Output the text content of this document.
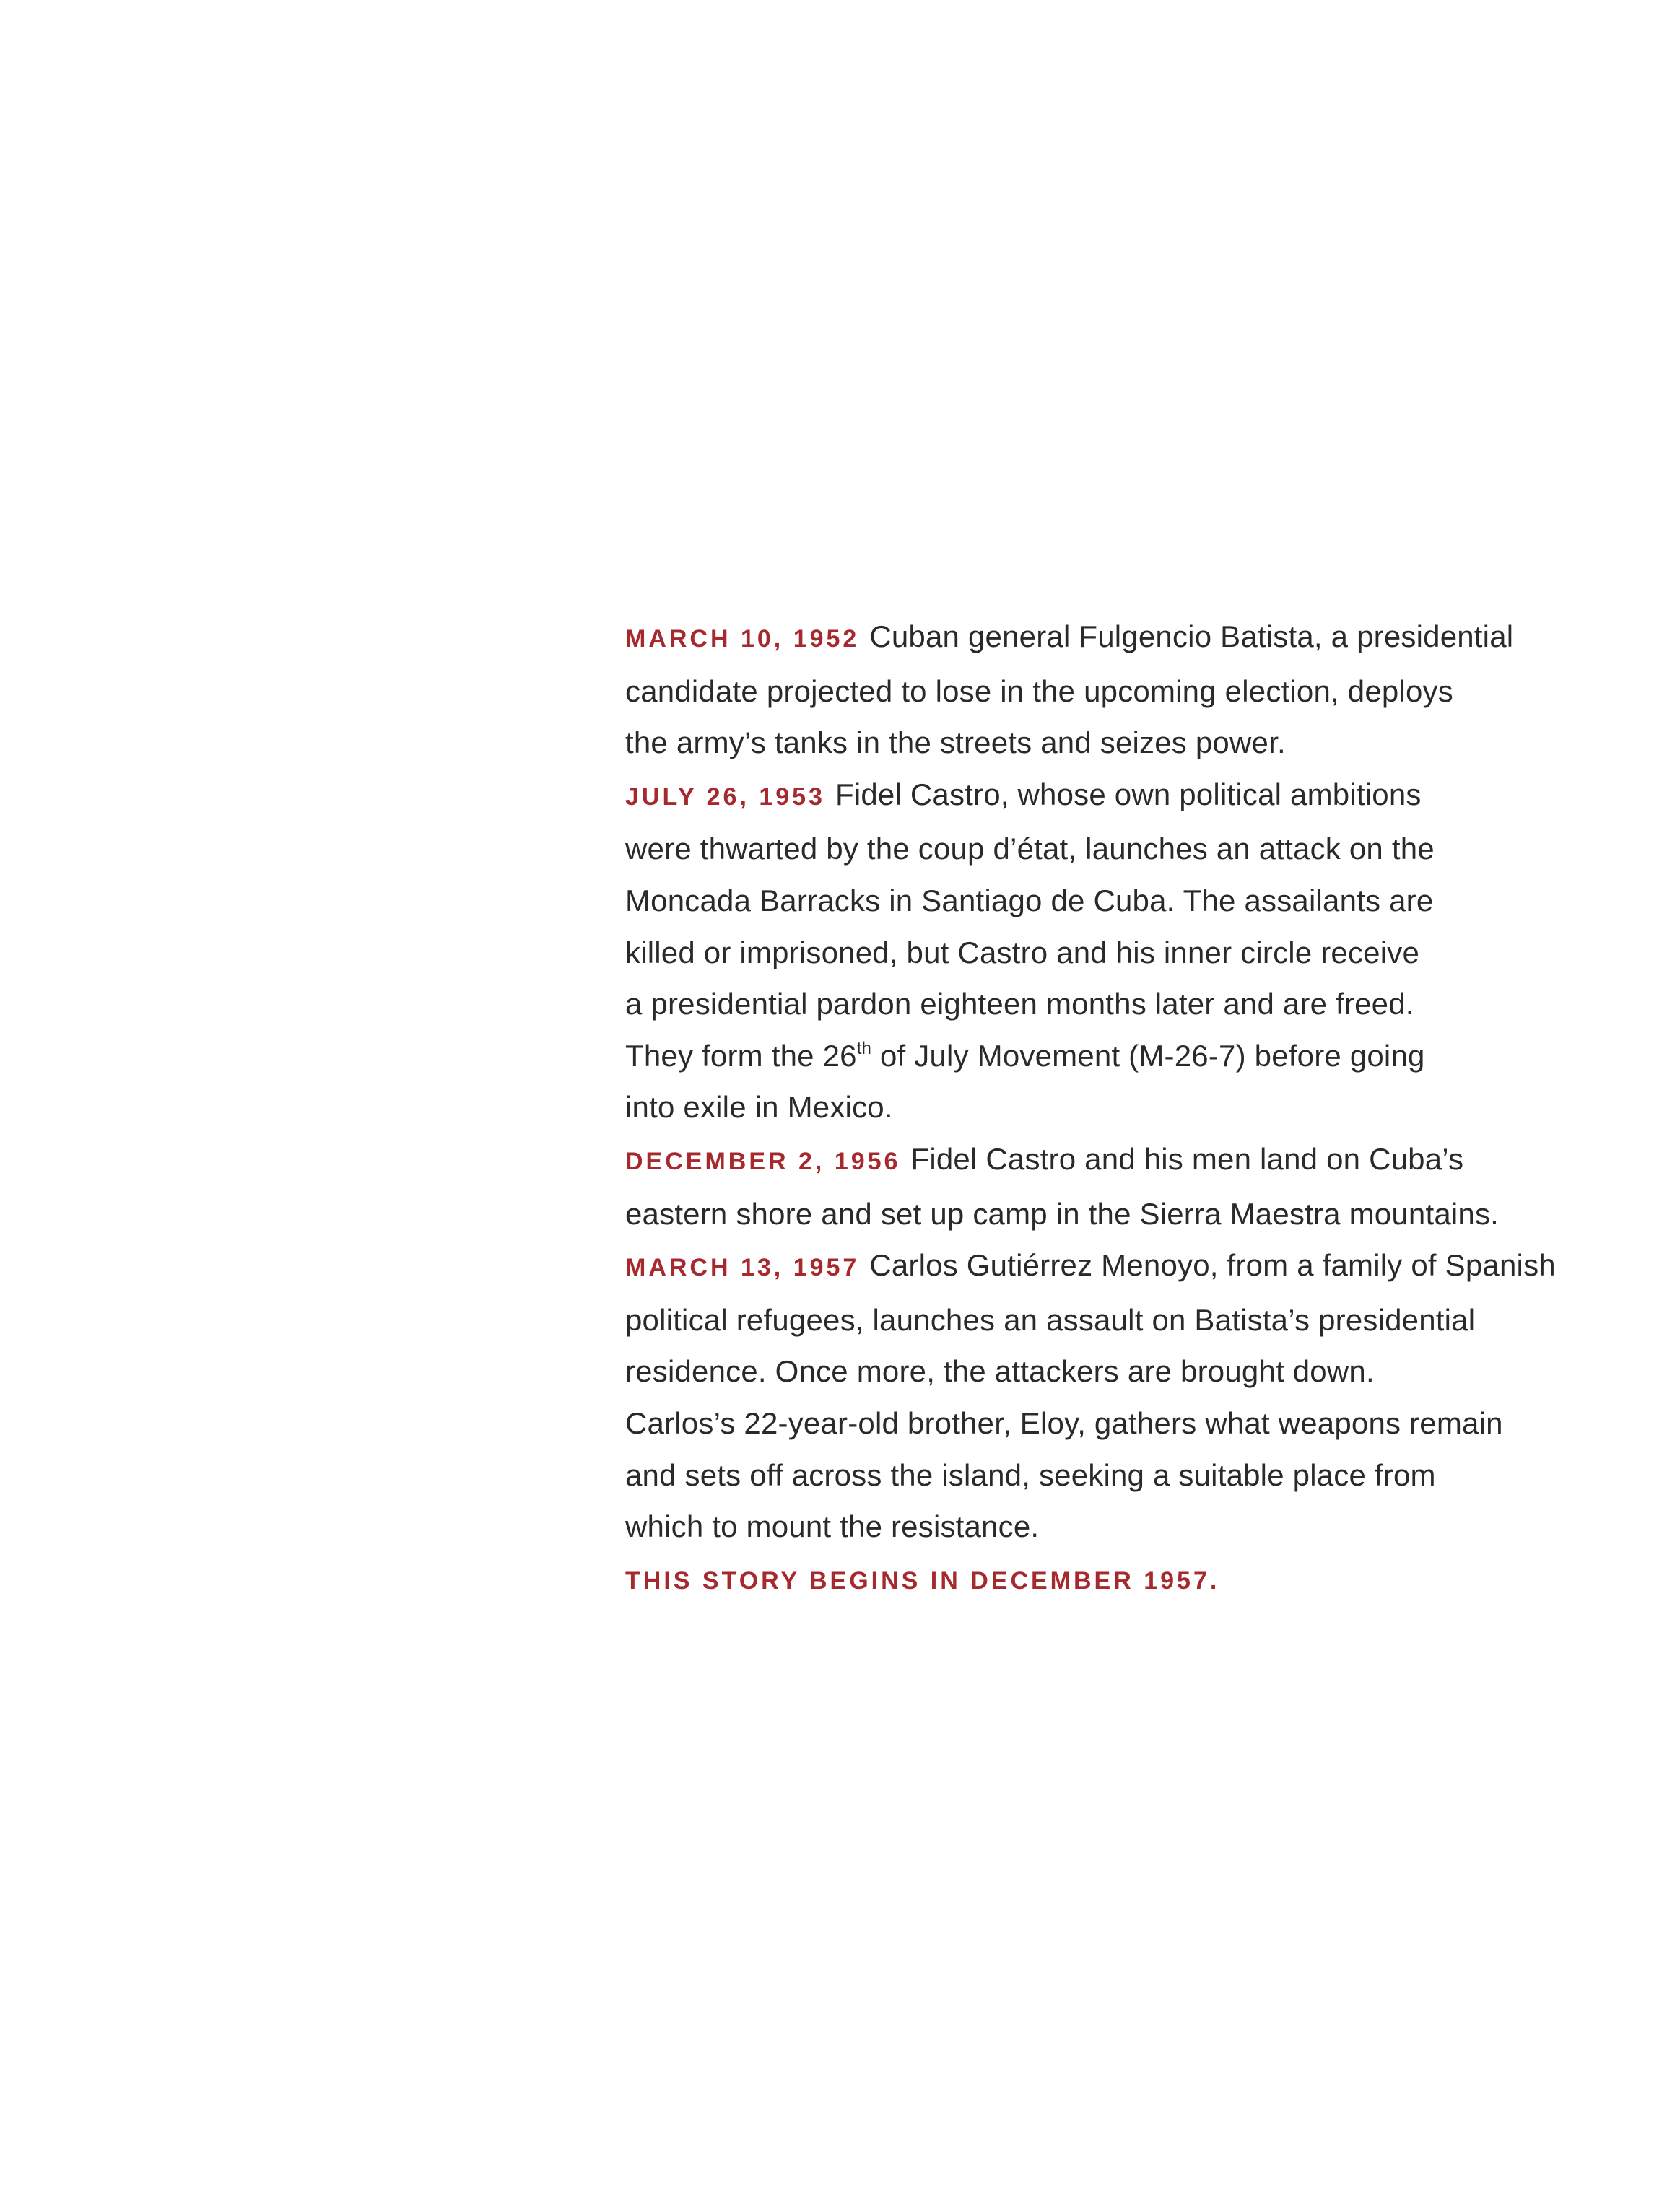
MARCH 10, 1952 Cuban general Fulgencio Batista, a presidential
candidate projected to lose in the upcoming election, deploys
the army’s tanks in the streets and seizes power.
JULY 26, 1953 Fidel Castro, whose own political ambitions
were thwarted by the coup d’état, launches an attack on the
Moncada Barracks in Santiago de Cuba. The assailants are
killed or imprisoned, but Castro and his inner circle receive
a presidential pardon eighteen months later and are freed.
They form the 26th of July Movement (M-26-7) before going
into exile in Mexico.
DECEMBER 2, 1956 Fidel Castro and his men land on Cuba’s
eastern shore and set up camp in the Sierra Maestra mountains.
MARCH 13, 1957 Carlos Gutiérrez Menoyo, from a family of Spanish
political refugees, launches an assault on Batista’s presidential
residence. Once more, the attackers are brought down.
Carlos’s 22-year-old brother, Eloy, gathers what weapons remain
and sets off across the island, seeking a suitable place from
which to mount the resistance.
THIS STORY BEGINS IN DECEMBER 1957.
